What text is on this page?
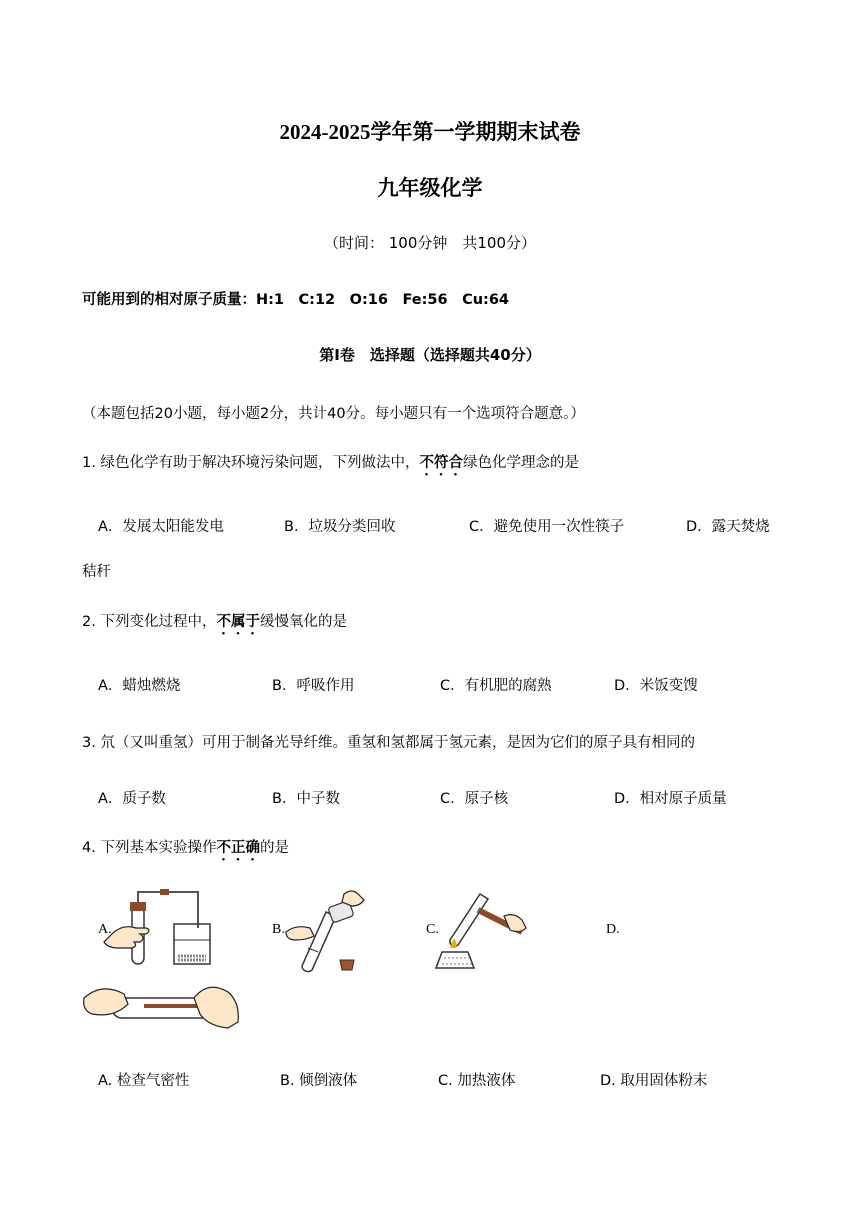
2024-2025学年第一学期期末试卷
九年级化学
（时间： 100分钟　共100分）
可能用到的相对原子质量：H:1　C:12　O:16　Fe:56　Cu:64
第Ⅰ卷　选择题（选择题共40分）
（本题包括20小题，每小题2分，共计40分。每小题只有一个选项符合题意。）
1. 绿色化学有助于解决环境污染问题，下列做法中，不符合绿色化学理念的是
A．发展太阳能发电	B．垃圾分类回收	C．避免使用一次性筷子	D．露天焚烧
秸秆
2. 下列变化过程中，不属于缓慢氧化的是
A．蜡烛燃烧	B．呼吸作用	C．有机肥的腐熟	D．米饭变馊
3. 氘（又叫重氢）可用于制备光导纤维。重氢和氢都属于氢元素，是因为它们的原子具有相同的
A．质子数	B．中子数	C．原子核	D．相对原子质量
4. 下列基本实验操作不正确的是
A.	B.	C.	D.
A. 检查气密性	B. 倾倒液体	C. 加热液体	D. 取用固体粉末
